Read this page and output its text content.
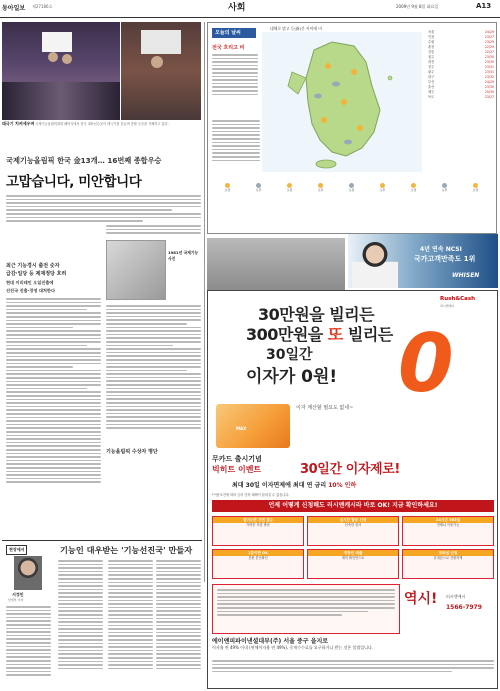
동아일보 제27186호	사회	2009년 9월 8일 화요일	A13
태극기 치켜세우며 국제기능올림픽대회 폐막식에서 한국 대표선수들이 태극기를 흔들며 종합 우승을 기뻐하고 있다.
국제기능올림픽 한국 金13개… 16번째 종합우승
고맙습니다, 미안합니다
최근 기능경시 출전 숫자
급감·일당 등 제재정당 흐려
현대 이리테인 오일진출에
선진국 진출·경영 대처한다
1981년 국제기능 사진
기능올림픽 수상자 명단
현장에서
서정민
산업부 기자
기능인 대우받는 '기능선진국' 만들자
오늘의 날씨
전국 흐리고 비
대체로 맑고 등(新)간 사이에 비
서울	24/29
인천	23/27
수원	23/29
춘천	22/29
강릉	22/27
청주	23/30
대전	23/30
전주	23/31
광주	23/31
대구	23/32
부산	24/29
울산	23/30
제주	25/30
독도	23/27
오전	오후	오전	오후	오전	오후	오전	오후	오전
4년 연속 NCSI
국가고객만족도 1위
WHISEN
Rush&Cash
러시앤캐시
30만원을 빌리든
300만원을 또 빌리든
30일간
이자가 0원! 0
MAX
이자 계산할 필요도 없네~
무카드 출시기념
빅히트 이벤트	30일간 이자제로!
최대 30일 이자면제에 최대 연 금리 10% 인하
*이용조건에 따라 금리 인하 혜택이 달라질 수 있습니다.
언제 어떻게 신청해도 러시앤캐시라 바로 OK! 지금 확인하세요!
걸어오면 간편 접수
가까운 지점 방문
실시간 할부 신청
신속한 심사
24시간 365일
언제나 이용가능
1분이면 OK
간편 본인확인
직장인 대출
재직 확인만으로
모바일 신청
휴대폰으로 간편하게
역시! 러시앤캐시
1566-7979
에이앤피파이낸셜대부(주) 서울 중구 을지로
이자율 연 49% 이내 (연체이자율 연 49%), 중개수수료를 요구하거나 받는 것은 불법입니다.
